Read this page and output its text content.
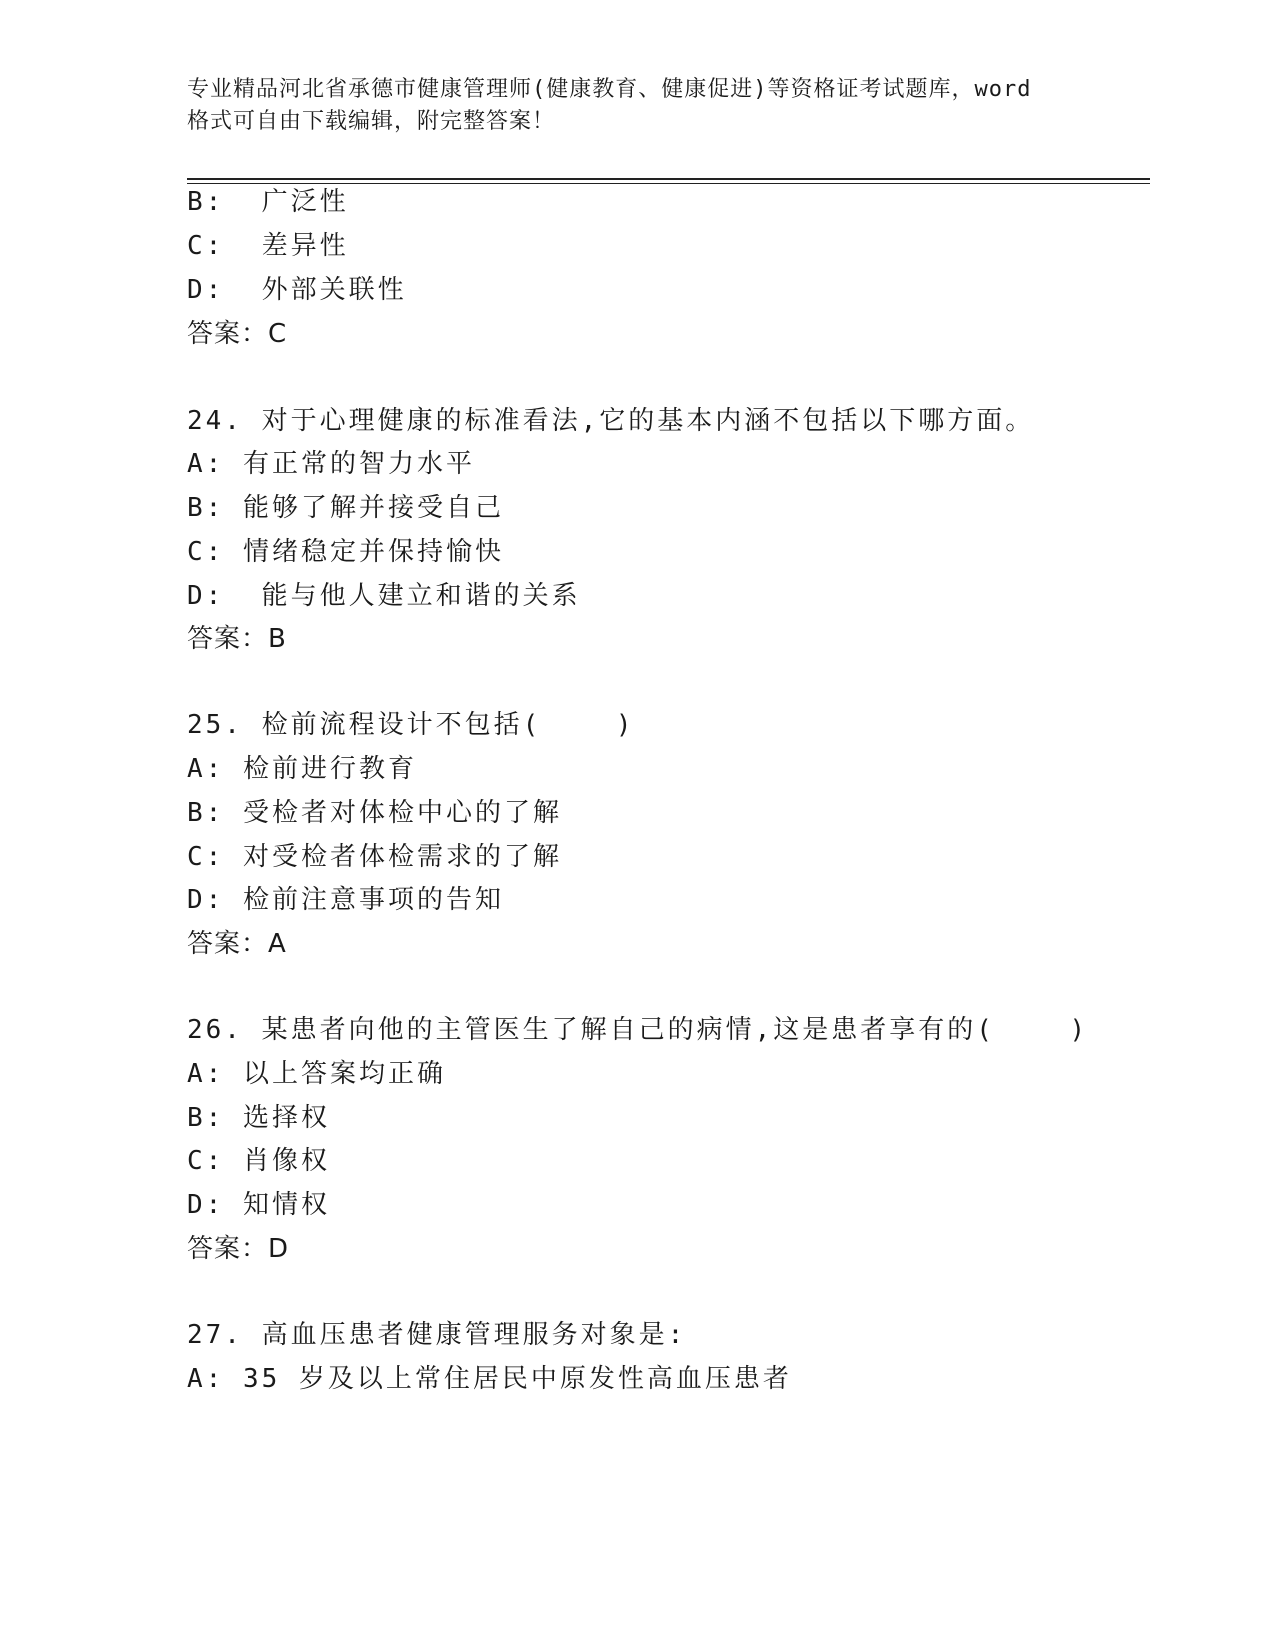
专业精品河北省承德市健康管理师(健康教育、健康促进)等资格证考试题库，word
格式可自由下载编辑，附完整答案！
B:  广泛性
C:  差异性
D:  外部关联性
答案：C
24. 对于心理健康的标准看法,它的基本内涵不包括以下哪方面。
A: 有正常的智力水平
B: 能够了解并接受自己
C: 情绪稳定并保持愉快
D:  能与他人建立和谐的关系
答案：B
25. 检前流程设计不包括(    )
A: 检前进行教育
B: 受检者对体检中心的了解
C: 对受检者体检需求的了解
D: 检前注意事项的告知
答案：A
26. 某患者向他的主管医生了解自己的病情,这是患者享有的(    )
A: 以上答案均正确
B: 选择权
C: 肖像权
D: 知情权
答案：D
27. 高血压患者健康管理服务对象是:
A: 35 岁及以上常住居民中原发性高血压患者
